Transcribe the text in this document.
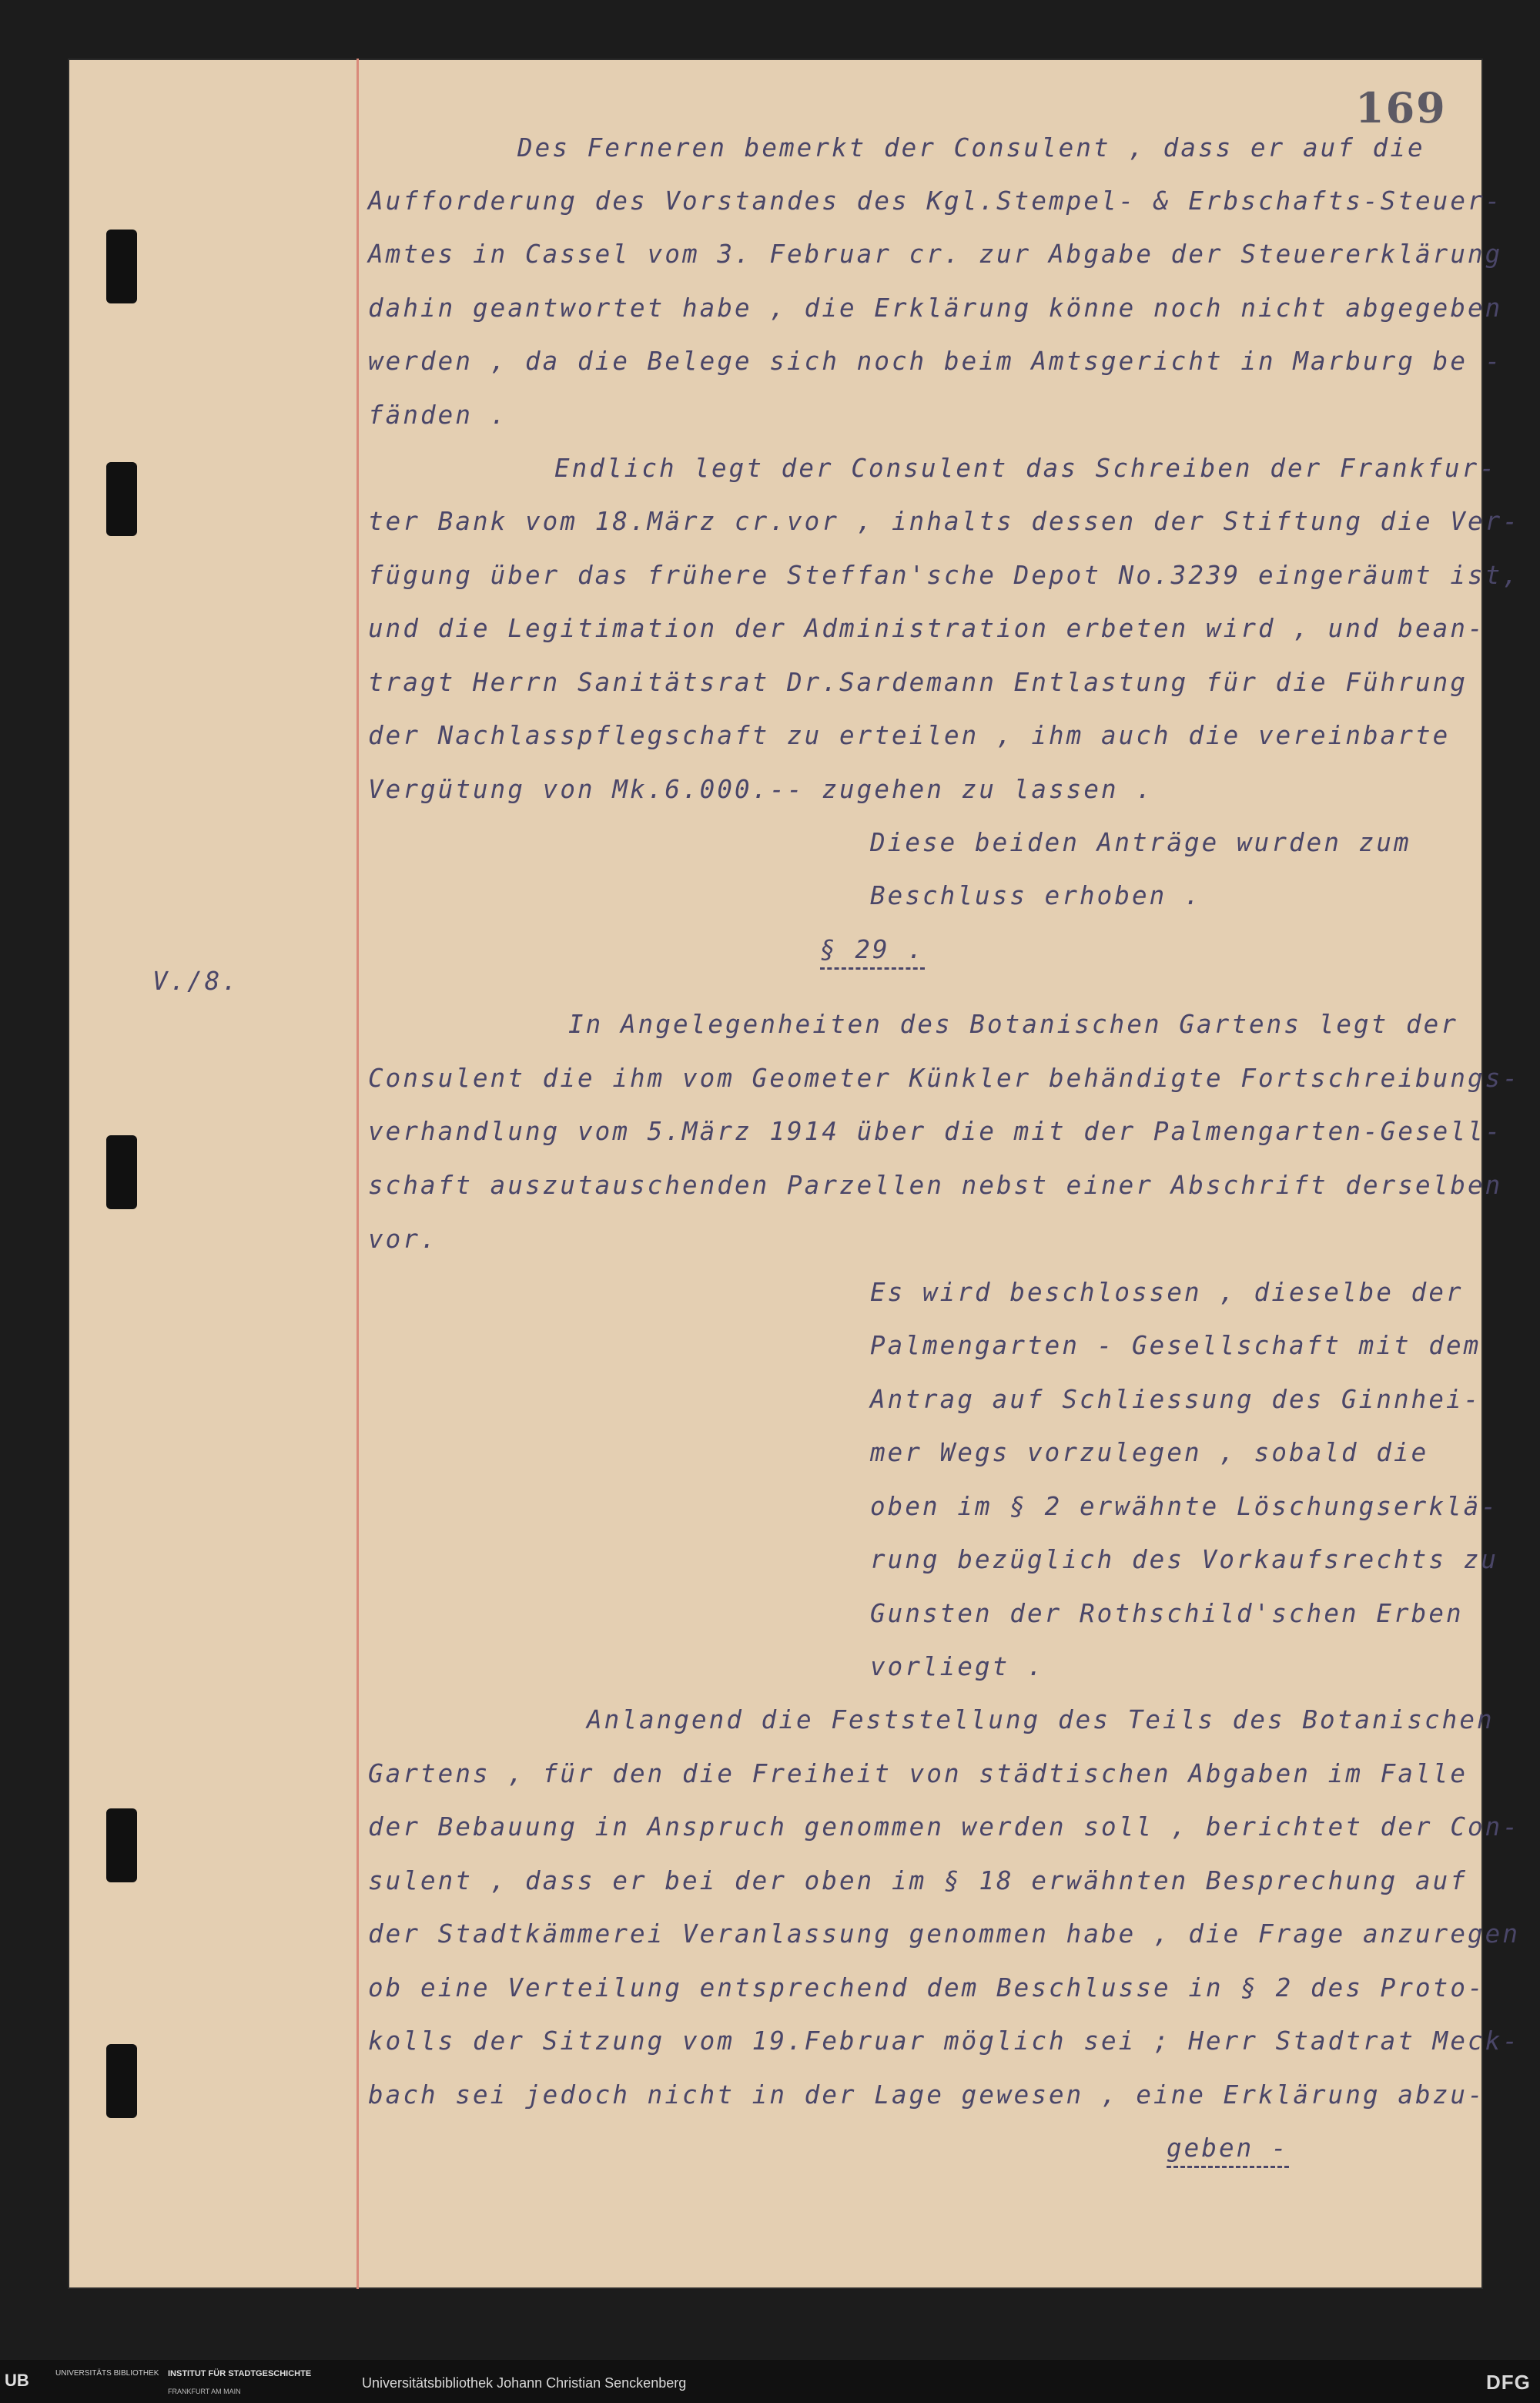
169
V./8.
Des Ferneren bemerkt der Consulent , dass er auf die
Aufforderung des Vorstandes des Kgl.Stempel- & Erbschafts-Steuer-
Amtes in Cassel vom 3. Februar cr. zur Abgabe der Steuererklärung
dahin geantwortet habe , die Erklärung könne noch nicht abgegeben
werden , da die Belege sich noch beim Amtsgericht in Marburg be -
fänden .
Endlich legt der Consulent das Schreiben der Frankfur-
ter Bank vom 18.März cr.vor , inhalts dessen der Stiftung die Ver-
fügung über das frühere Steffan'sche Depot No.3239 eingeräumt ist,
und die Legitimation der Administration erbeten wird , und bean-
tragt Herrn Sanitätsrat Dr.Sardemann Entlastung für die Führung
der Nachlasspflegschaft zu erteilen , ihm auch die vereinbarte
Vergütung von Mk.6.000.-- zugehen zu lassen .
Diese beiden Anträge wurden zum
Beschluss erhoben .
§ 29 .
In Angelegenheiten des Botanischen Gartens legt der
Consulent die ihm vom Geometer Künkler behändigte Fortschreibungs-
verhandlung vom 5.März 1914 über die mit der Palmengarten-Gesell-
schaft auszutauschenden Parzellen nebst einer Abschrift derselben
vor.
Es wird beschlossen , dieselbe der
Palmengarten - Gesellschaft mit dem
Antrag auf Schliessung des Ginnhei-
mer Wegs vorzulegen , sobald die
oben im § 2 erwähnte Löschungserklä-
rung bezüglich des Vorkaufsrechts zu
Gunsten der Rothschild'schen Erben
vorliegt .
Anlangend die Feststellung des Teils des Botanischen
Gartens , für den die Freiheit von städtischen Abgaben im Falle
der Bebauung in Anspruch genommen werden soll , berichtet der Con-
sulent , dass er bei der oben im § 18 erwähnten Besprechung auf
der Stadtkämmerei Veranlassung genommen habe , die Frage anzuregen
ob eine Verteilung entsprechend dem Beschlusse in § 2 des Proto-
kolls der Sitzung vom 19.Februar möglich sei ; Herr Stadtrat Meck-
bach sei jedoch nicht in der Lage gewesen , eine Erklärung abzu-
geben -
UB	UNIVERSITÄTS BIBLIOTHEK INSTITUT FÜR STADTGESCHICHTE
FRANKFURT AM MAIN
Universitätsbibliothek Johann Christian Senckenberg	DFG
